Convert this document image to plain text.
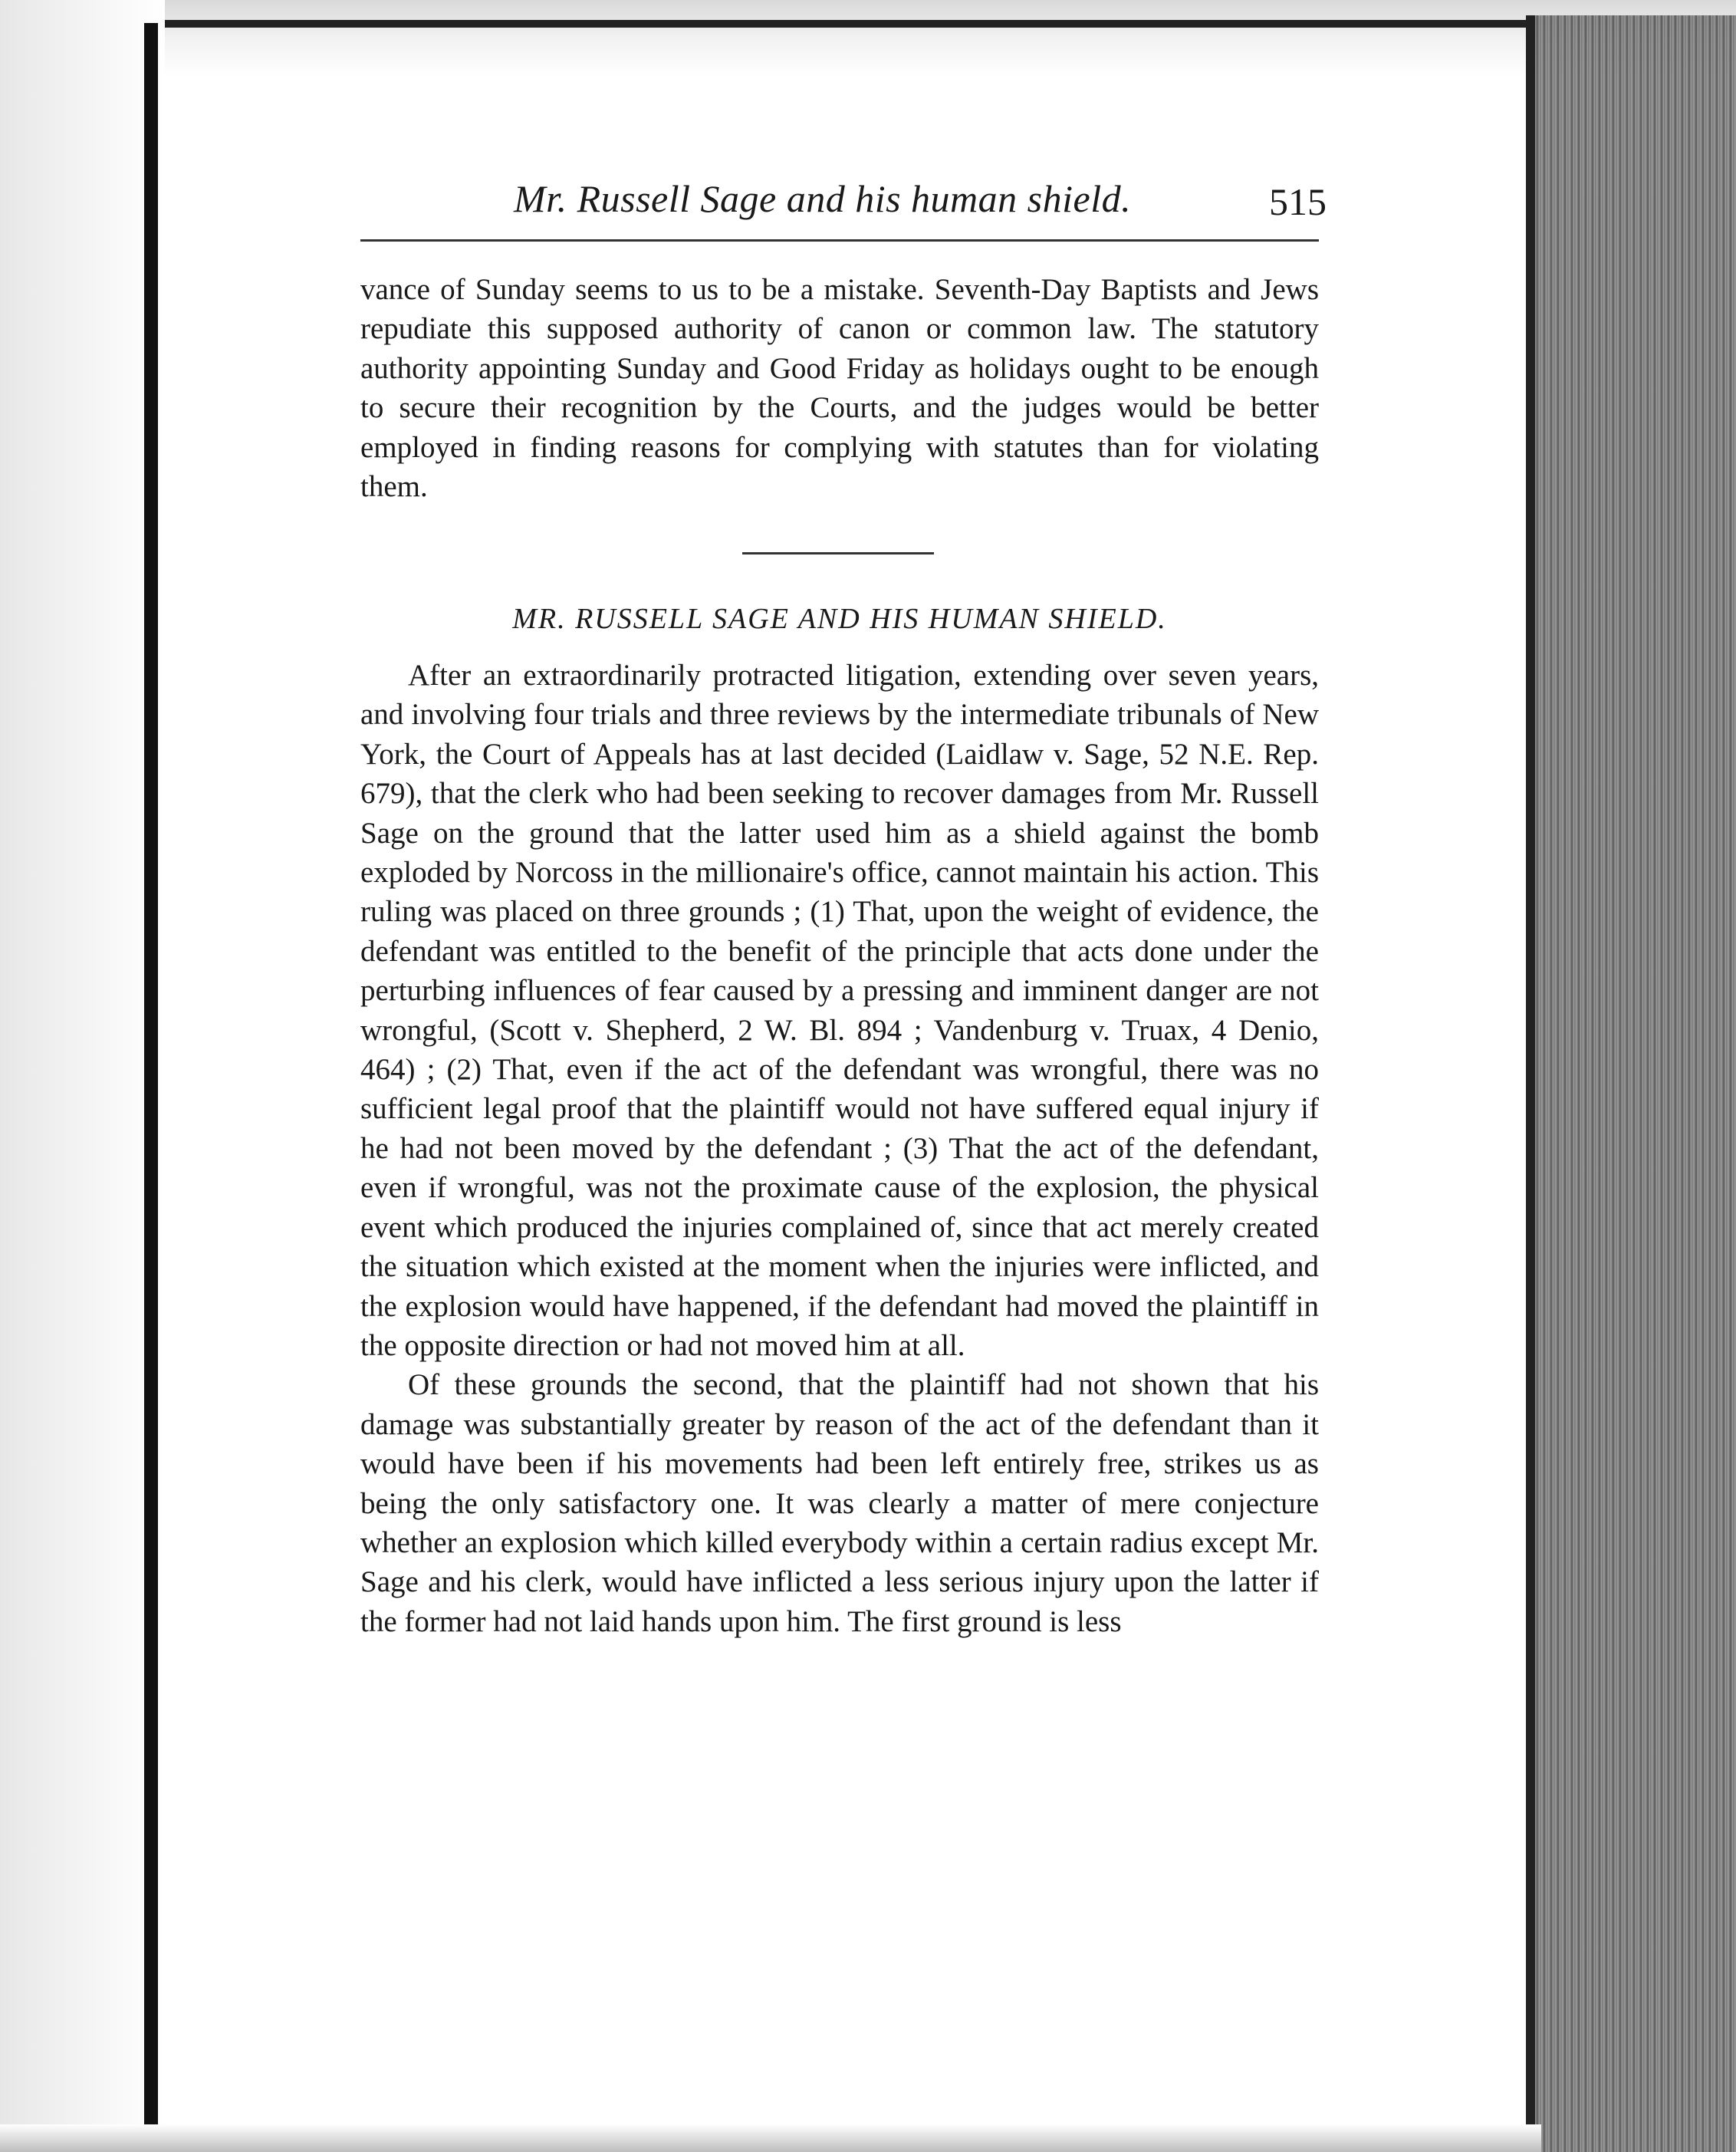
Mr. Russell Sage and his human shield.	515

vance of Sunday seems to us to be a mistake. Seventh-Day Baptists and Jews repudiate this supposed authority of canon or common law. The statutory authority appointing Sunday and Good Friday as holidays ought to be enough to secure their recognition by the Courts, and the judges would be better employed in finding reasons for complying with statutes than for violating them.

MR. RUSSELL SAGE AND HIS HUMAN SHIELD.

After an extraordinarily protracted litigation, extending over seven years, and involving four trials and three reviews by the intermediate tribunals of New York, the Court of Appeals has at last decided (Laidlaw v. Sage, 52 N.E. Rep. 679), that the clerk who had been seeking to recover damages from Mr. Russell Sage on the ground that the latter used him as a shield against the bomb exploded by Norcoss in the millionaire's office, cannot maintain his action. This ruling was placed on three grounds ; (1) That, upon the weight of evidence, the defendant was entitled to the benefit of the principle that acts done under the perturbing influences of fear caused by a pressing and imminent danger are not wrongful, (Scott v. Shepherd, 2 W. Bl. 894 ; Vandenburg v. Truax, 4 Denio, 464) ; (2) That, even if the act of the defendant was wrongful, there was no sufficient legal proof that the plaintiff would not have suffered equal injury if he had not been moved by the defendant ; (3) That the act of the defendant, even if wrongful, was not the proximate cause of the explosion, the physical event which produced the injuries complained of, since that act merely created the situation which existed at the moment when the injuries were inflicted, and the explosion would have happened, if the defendant had moved the plaintiff in the opposite direction or had not moved him at all.

Of these grounds the second, that the plaintiff had not shown that his damage was substantially greater by reason of the act of the defendant than it would have been if his movements had been left entirely free, strikes us as being the only satisfactory one. It was clearly a matter of mere conjecture whether an explosion which killed everybody within a certain radius except Mr. Sage and his clerk, would have inflicted a less serious injury upon the latter if the former had not laid hands upon him. The first ground is less
